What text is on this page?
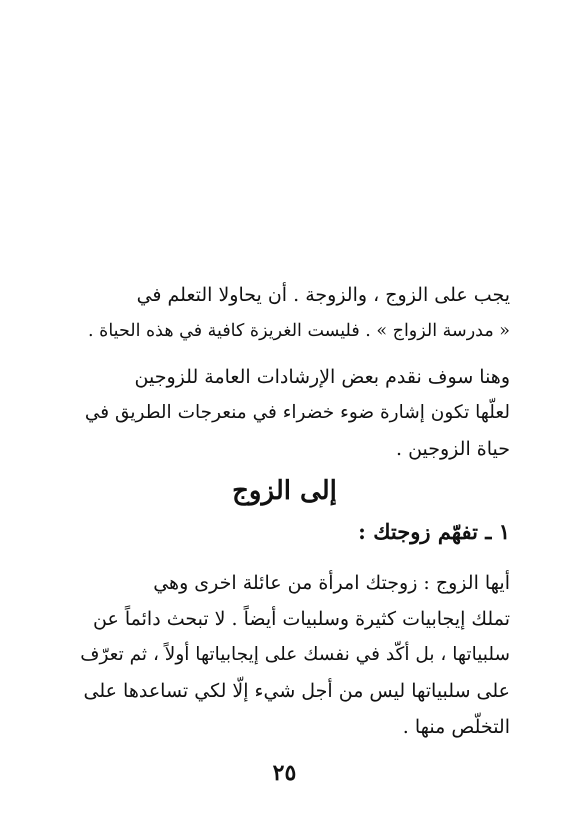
يجب على الزوج ، والزوجة . أن يحاولا التعلم في
« مدرسة الزواج » . فليست الغريزة كافية في هذه الحياة .
وهنا سوف نقدم بعض الإرشادات العامة للزوجين
لعلّها تكون إشارة ضوء خضراء في منعرجات الطريق في
حياة الزوجين .
إلى الزوج
١ ـ تفهّم زوجتك :
أيها الزوج : زوجتك امرأة من عائلة اخرى وهي
تملك إيجابيات كثيرة وسلبيات أيضاً . لا تبحث دائماً عن
سلبياتها ، بل أكّد في نفسك على إيجابياتها أولاً ، ثم تعرّف
على سلبياتها ليس من أجل شيء إلّا لكي تساعدها على
التخلّص منها .
٢٥
